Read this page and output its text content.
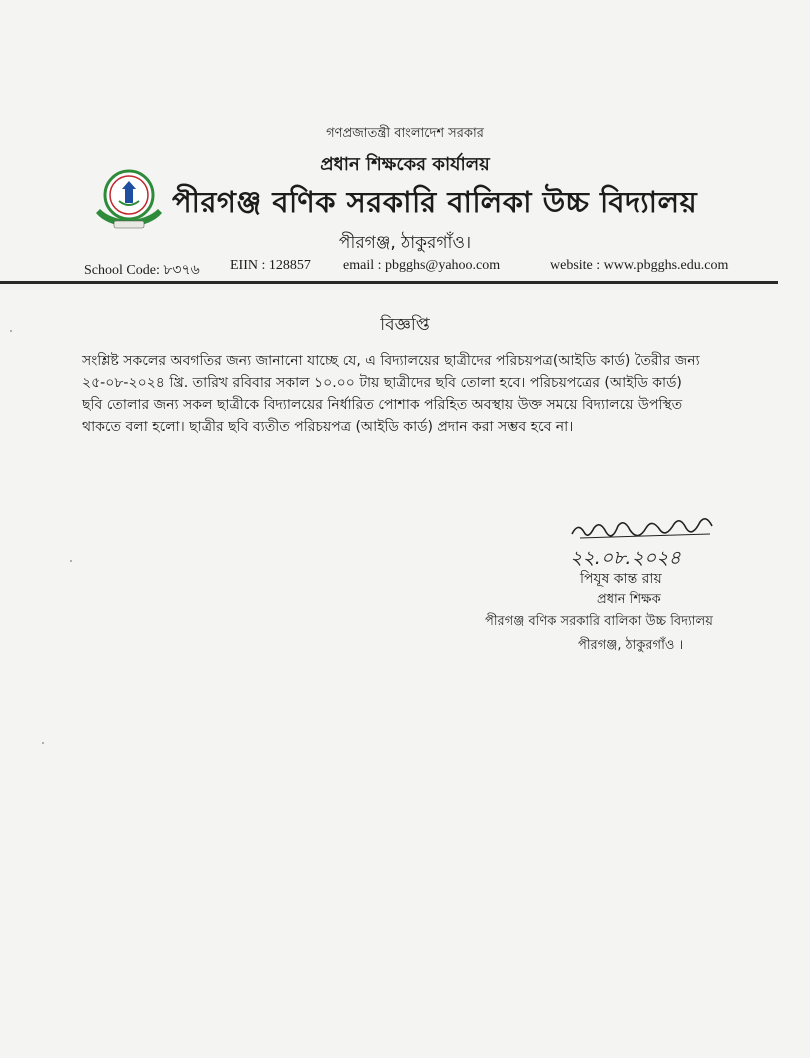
গণপ্রজাতন্ত্রী বাংলাদেশ সরকার
প্রধান শিক্ষকের কার্যালয়
পীরগঞ্জ বণিক সরকারি বালিকা উচ্চ বিদ্যালয়
পীরগঞ্জ, ঠাকুরগাঁও।
School Code: ৮৩৭৬ EIIN : 128857 email : pbgghs@yahoo.com	website : www.pbgghs.edu.com
বিজ্ঞপ্তি
সংশ্লিষ্ট সকলের অবগতির জন্য জানানো যাচ্ছে যে, এ বিদ্যালয়ের ছাত্রীদের পরিচয়পত্র(আইডি কার্ড) তৈরীর জন্য
২৫-০৮-২০২৪ খ্রি. তারিখ রবিবার সকাল ১০.০০ টায় ছাত্রীদের ছবি তোলা হবে। পরিচয়পত্রের (আইডি কার্ড)
ছবি তোলার জন্য সকল ছাত্রীকে বিদ্যালয়ের নির্ধারিত পোশাক পরিহিত অবস্থায় উক্ত সময়ে বিদ্যালয়ে উপস্থিত
থাকতে বলা হলো। ছাত্রীর ছবি ব্যতীত পরিচয়পত্র (আইডি কার্ড) প্রদান করা সম্ভব হবে না।
২২.০৮.২০২৪
পিযূষ কান্ত রায়
প্রধান শিক্ষক
পীরগঞ্জ বণিক সরকারি বালিকা উচ্চ বিদ্যালয়
পীরগঞ্জ, ঠাকুরগাঁও ।
